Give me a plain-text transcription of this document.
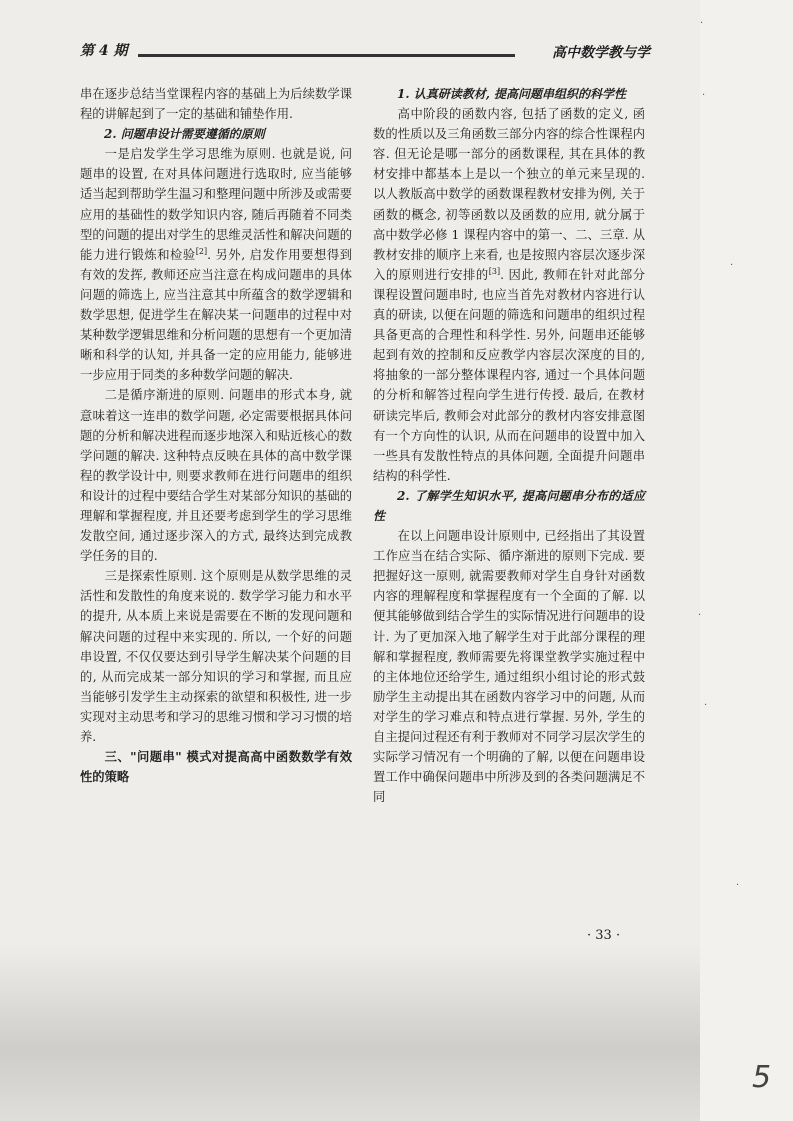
第 4 期	高中数学教与学

串在逐步总结当堂课程内容的基础上为后续数学课程的讲解起到了一定的基础和铺垫作用.

2. 问题串设计需要遵循的原则

一是启发学生学习思维为原则. 也就是说, 问题串的设置, 在对具体问题进行选取时, 应当能够适当起到帮助学生温习和整理问题中所涉及或需要应用的基础性的数学知识内容, 随后再随着不同类型的问题的提出对学生的思维灵活性和解决问题的能力进行锻炼和检验[2]. 另外, 启发作用要想得到有效的发挥, 教师还应当注意在构成问题串的具体问题的筛选上, 应当注意其中所蕴含的数学逻辑和数学思想, 促进学生在解决某一问题串的过程中对某种数学逻辑思维和分析问题的思想有一个更加清晰和科学的认知, 并具备一定的应用能力, 能够进一步应用于同类的多种数学问题的解决.

二是循序渐进的原则. 问题串的形式本身, 就意味着这一连串的数学问题, 必定需要根据具体问题的分析和解决进程而逐步地深入和贴近核心的数学问题的解决. 这种特点反映在具体的高中数学课程的教学设计中, 则要求教师在进行问题串的组织和设计的过程中要结合学生对某部分知识的基础的理解和掌握程度, 并且还要考虑到学生的学习思维发散空间, 通过逐步深入的方式, 最终达到完成教学任务的目的.

三是探索性原则. 这个原则是从数学思维的灵活性和发散性的角度来说的. 数学学习能力和水平的提升, 从本质上来说是需要在不断的发现问题和解决问题的过程中来实现的. 所以, 一个好的问题串设置, 不仅仅要达到引导学生解决某个问题的目的, 从而完成某一部分知识的学习和掌握, 而且应当能够引发学生主动探索的欲望和积极性, 进一步实现对主动思考和学习的思维习惯和学习习惯的培养.

三、"问题串" 模式对提高高中函数数学有效性的策略
1. 认真研读教材, 提高问题串组织的科学性

高中阶段的函数内容, 包括了函数的定义, 函数的性质以及三角函数三部分内容的综合性课程内容. 但无论是哪一部分的函数课程, 其在具体的教材安排中都基本上是以一个独立的单元来呈现的. 以人教版高中数学的函数课程教材安排为例, 关于函数的概念, 初等函数以及函数的应用, 就分属于高中数学必修 1 课程内容中的第一、二、三章. 从教材安排的顺序上来看, 也是按照内容层次逐步深入的原则进行安排的[3]. 因此, 教师在针对此部分课程设置问题串时, 也应当首先对教材内容进行认真的研读, 以便在问题的筛选和问题串的组织过程具备更高的合理性和科学性. 另外, 问题串还能够起到有效的控制和反应教学内容层次深度的目的, 将抽象的一部分整体课程内容, 通过一个具体问题的分析和解答过程向学生进行传授. 最后, 在教材研读完毕后, 教师会对此部分的教材内容安排意图有一个方向性的认识, 从而在问题串的设置中加入一些具有发散性特点的具体问题, 全面提升问题串结构的科学性.

2. 了解学生知识水平, 提高问题串分布的适应性

在以上问题串设计原则中, 已经指出了其设置工作应当在结合实际、循序渐进的原则下完成. 要把握好这一原则, 就需要教师对学生自身针对函数内容的理解程度和掌握程度有一个全面的了解. 以便其能够做到结合学生的实际情况进行问题串的设计. 为了更加深入地了解学生对于此部分课程的理解和掌握程度, 教师需要先将课堂教学实施过程中的主体地位还给学生, 通过组织小组讨论的形式鼓励学生主动提出其在函数内容学习中的问题, 从而对学生的学习难点和特点进行掌握. 另外, 学生的自主提问过程还有利于教师对不同学习层次学生的实际学习情况有一个明确的了解, 以便在问题串设置工作中确保问题串中所涉及到的各类问题满足不同

· 33 ·
·
·
·
·
·
·
5
